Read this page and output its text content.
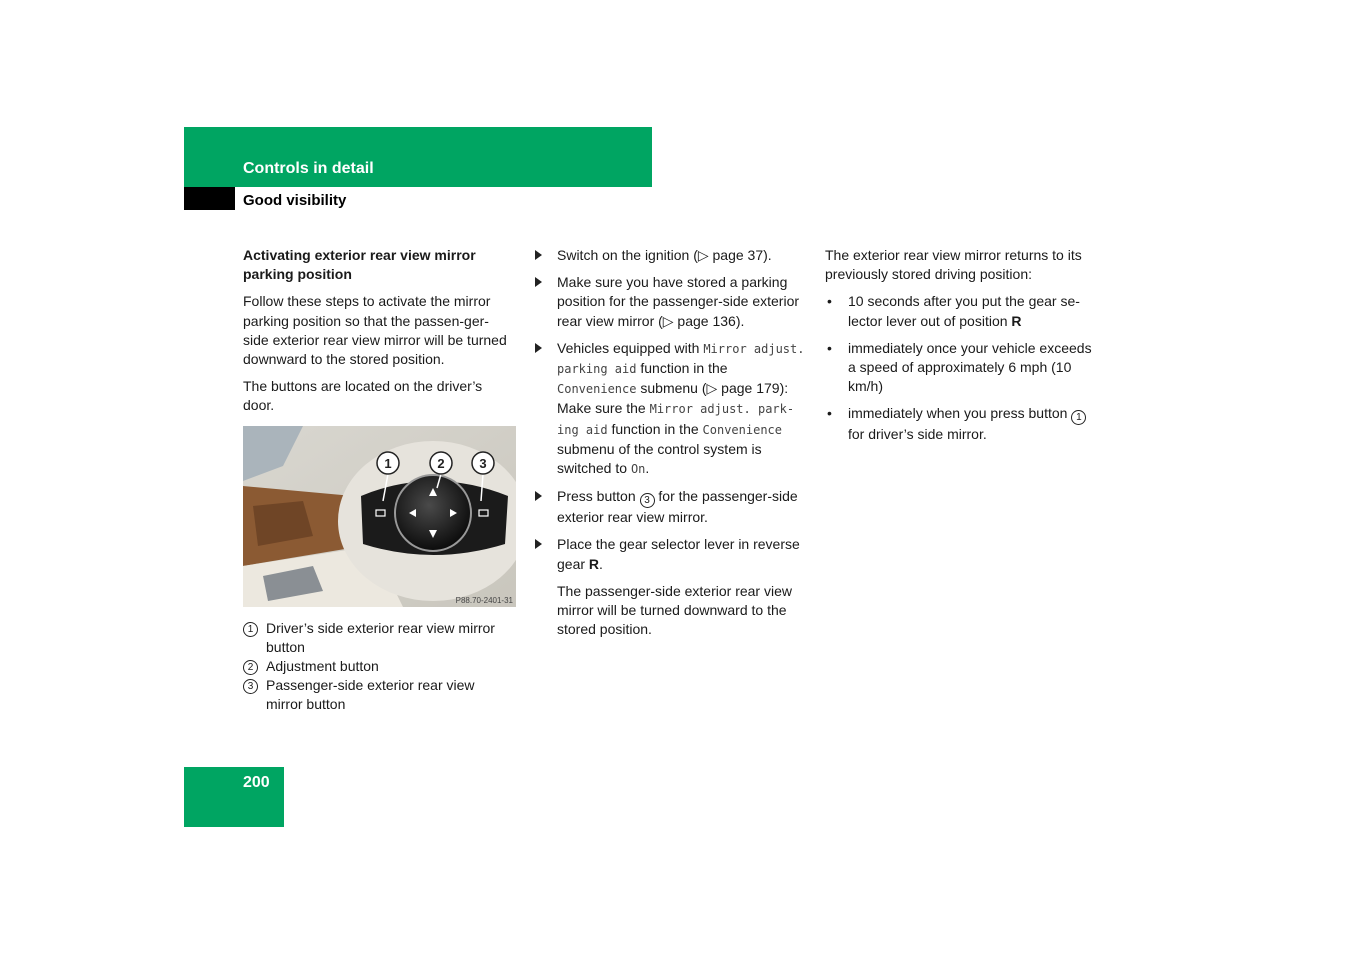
Controls in detail
Good visibility

Activating exterior rear view mirror parking position

Follow these steps to activate the mirror parking position so that the passen-ger-side exterior rear view mirror will be turned downward to the stored position.

The buttons are located on the driver’s door.

1	2	3
P88.70-2401-31
1 Driver’s side exterior rear view mirror button
2 Adjustment button
3 Passenger-side exterior rear view mirror button
Switch on the ignition (▷ page 37).
Make sure you have stored a parking position for the passenger-side exterior rear view mirror (▷ page 136).
Vehicles equipped with Mirror adjust. parking aid function in the Convenience submenu (▷ page 179): Make sure the Mirror adjust. park-ing aid function in the Convenience submenu of the control system is switched to On.
Press button 3 for the passenger-side exterior rear view mirror.
Place the gear selector lever in reverse gear R.

The passenger-side exterior rear view mirror will be turned downward to the stored position.

The exterior rear view mirror returns to its previously stored driving position:

• 10 seconds after you put the gear se-lector lever out of position R
• immediately once your vehicle exceeds a speed of approximately 6 mph (10 km/h)
• immediately when you press button 1 for driver’s side mirror.
200
